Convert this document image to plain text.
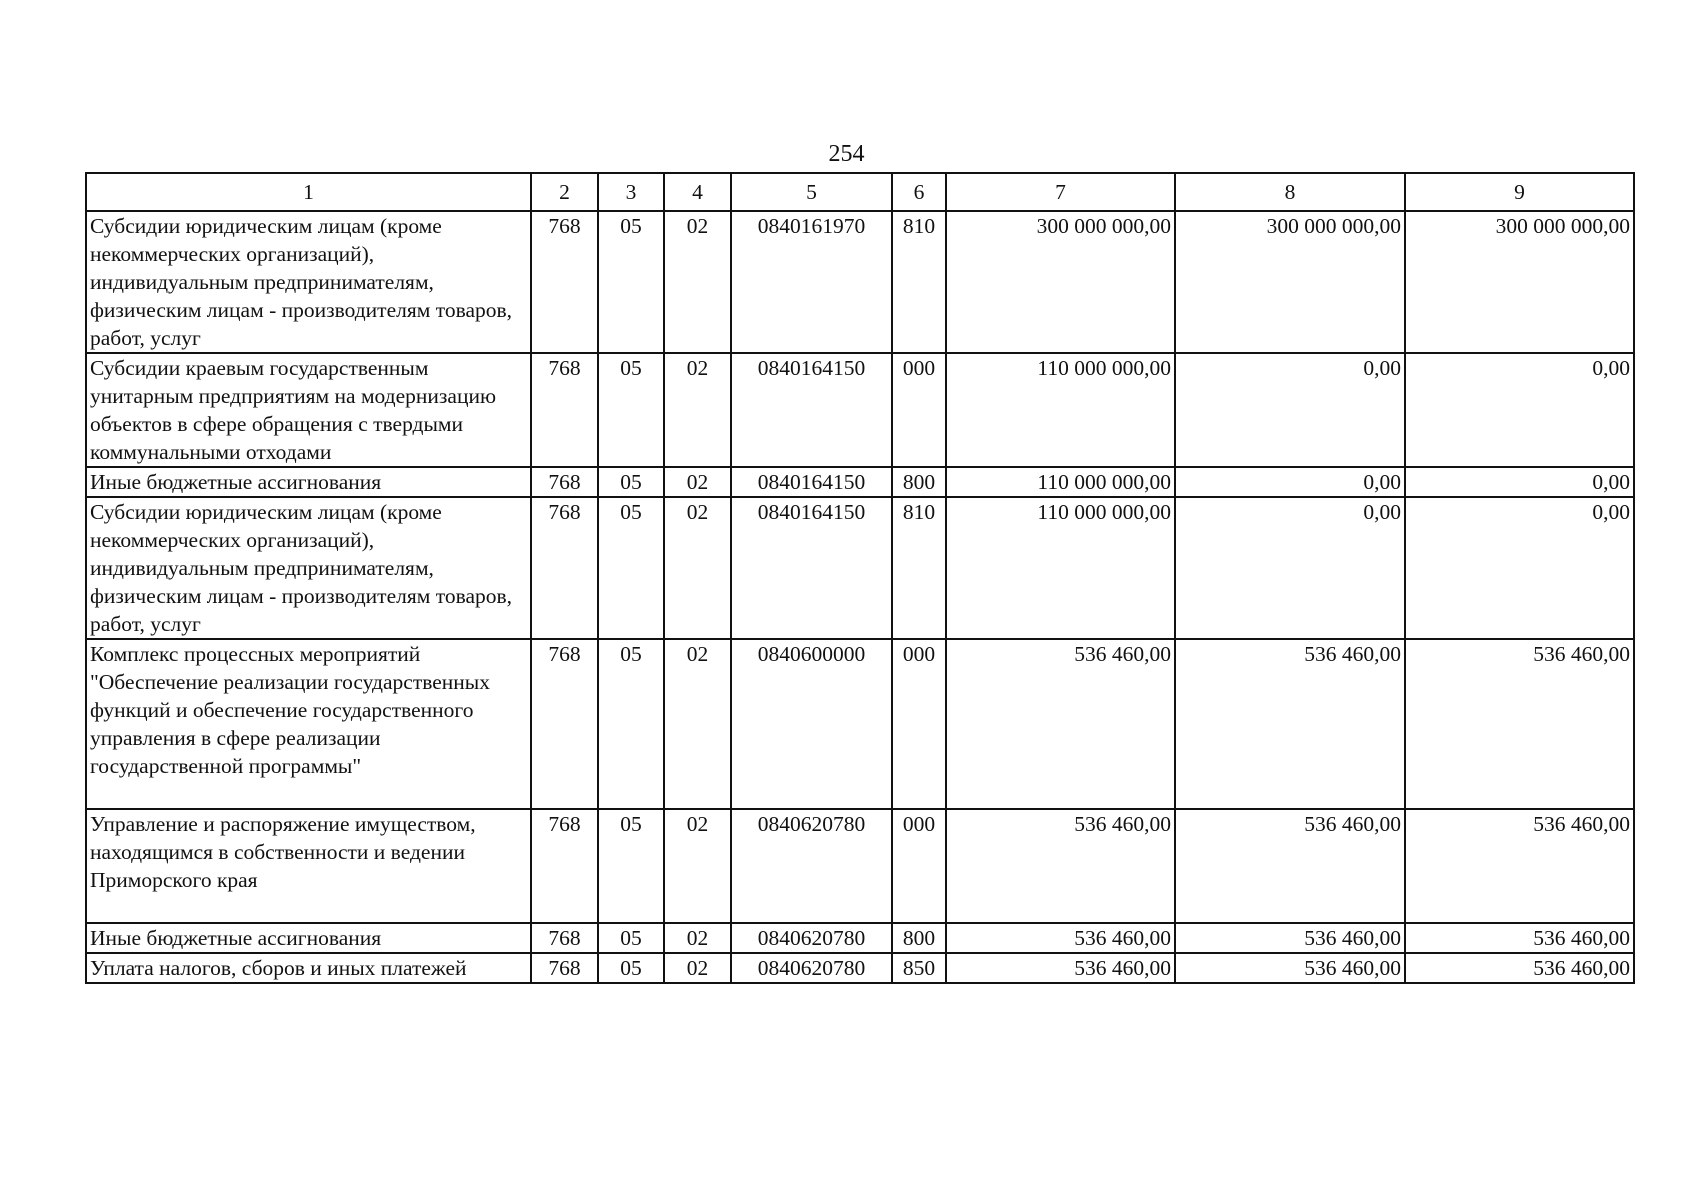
254
1	2	3	4	5	6	7	8	9
Субсидии юридическим лицам (кроме некоммерческих организаций), индивидуальным предпринимателям, физическим лицам - производителям товаров, работ, услуг	768	05	02	0840161970	810	300 000 000,00	300 000 000,00	300 000 000,00
Субсидии краевым государственным унитарным предприятиям на модернизацию объектов в сфере обращения с твердыми коммунальными отходами	768	05	02	0840164150	000	110 000 000,00	0,00	0,00
Иные бюджетные ассигнования	768	05	02	0840164150	800	110 000 000,00	0,00	0,00
Субсидии юридическим лицам (кроме некоммерческих организаций), индивидуальным предпринимателям, физическим лицам - производителям товаров, работ, услуг	768	05	02	0840164150	810	110 000 000,00	0,00	0,00
Комплекс процессных мероприятий "Обеспечение реализации государственных функций и обеспечение государственного управления в сфере реализации государственной программы"	768	05	02	0840600000	000	536 460,00	536 460,00	536 460,00
Управление и распоряжение имуществом, находящимся в собственности и ведении Приморского края	768	05	02	0840620780	000	536 460,00	536 460,00	536 460,00
Иные бюджетные ассигнования	768	05	02	0840620780	800	536 460,00	536 460,00	536 460,00
Уплата налогов, сборов и иных платежей	768	05	02	0840620780	850	536 460,00	536 460,00	536 460,00
